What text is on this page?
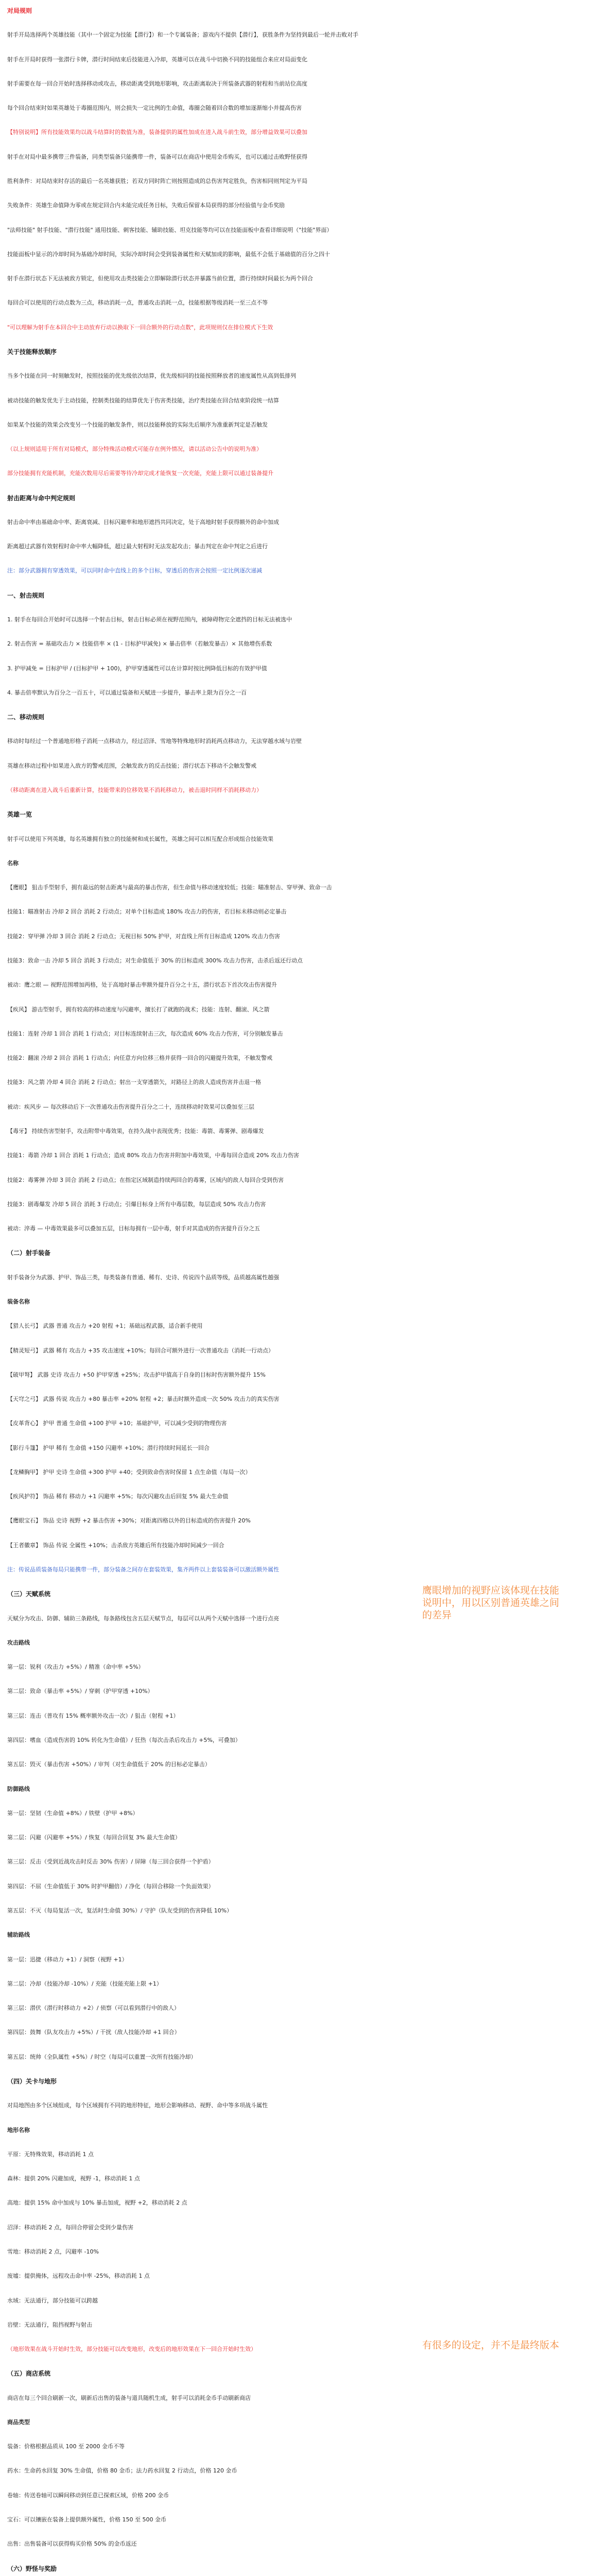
对局规则
射手开局选择两个英雄技能（其中一个固定为技能【潜行】）和一个专属装备；游戏内不提供【潜行】，获胜条件为坚持到最后一轮并击败对手
射手在开局时获得一张潜行卡牌，潜行时间结束后技能进入冷却，英雄可以在战斗中切换不同的技能组合来应对局面变化
射手需要在每一回合开始时选择移动或攻击，移动距离受到地形影响，攻击距离取决于所装备武器的射程和当前站位高度
每个回合结束时如果英雄处于毒圈范围内，则会损失一定比例的生命值，毒圈会随着回合数的增加逐渐缩小并提高伤害
【特别说明】所有技能效果均以战斗结算时的数值为准，装备提供的属性加成在进入战斗前生效，部分增益效果可以叠加
射手在对局中最多携带三件装备，同类型装备只能携带一件，装备可以在商店中使用金币购买，也可以通过击败野怪获得
胜利条件：对局结束时存活的最后一名英雄获胜；若双方同时阵亡则按照造成的总伤害判定胜负，伤害相同则判定为平局
失败条件：英雄生命值降为零或在规定回合内未能完成任务目标，失败后保留本局获得的部分经验值与金币奖励
"法师技能" 射手技能、"潜行技能" 通用技能、刺客技能、辅助技能、坦克技能等均可以在技能面板中查看详细说明（"技能"界面）
技能面板中显示的冷却时间为基础冷却时间，实际冷却时间会受到装备属性和天赋加成的影响，最低不会低于基础值的百分之四十
射手在潜行状态下无法被敌方锁定，但使用攻击类技能会立即解除潜行状态并暴露当前位置，潜行持续时间最长为两个回合
每回合可以使用的行动点数为三点，移动消耗一点，普通攻击消耗一点，技能根据等级消耗一至三点不等
"可以理解为射手在本回合中主动放弃行动以换取下一回合额外的行动点数"，此项规则仅在排位模式下生效
关于技能释放顺序
当多个技能在同一时刻触发时，按照技能的优先级依次结算，优先级相同的技能按照释放者的速度属性从高到低排列
被动技能的触发优先于主动技能，控制类技能的结算优先于伤害类技能，治疗类技能在回合结束阶段统一结算
如果某个技能的效果会改变另一个技能的触发条件，则以技能释放的实际先后顺序为准重新判定是否触发
（以上规则适用于所有对局模式，部分特殊活动模式可能存在例外情况，请以活动公告中的说明为准）
部分技能拥有充能机制，充能次数用尽后需要等待冷却完成才能恢复一次充能，充能上限可以通过装备提升
射击距离与命中判定规则
射击命中率由基础命中率、距离衰减、目标闪避率和地形遮挡共同决定，处于高地时射手获得额外的命中加成
距离超过武器有效射程时命中率大幅降低，超过最大射程时无法发起攻击；暴击判定在命中判定之后进行
注：部分武器拥有穿透效果，可以同时命中直线上的多个目标，穿透后的伤害会按照一定比例逐次递减
一、射击规则
1. 射手在每回合开始时可以选择一个射击目标，射击目标必须在视野范围内，被障碍物完全遮挡的目标无法被选中
2. 射击伤害 = 基础攻击力 × 技能倍率 × (1 - 目标护甲减免) × 暴击倍率（若触发暴击）× 其他增伤系数
3. 护甲减免 = 目标护甲 / (目标护甲 + 100)，护甲穿透属性可以在计算时按比例降低目标的有效护甲值
4. 暴击倍率默认为百分之一百五十，可以通过装备和天赋进一步提升，暴击率上限为百分之一百
二、移动规则
移动时每经过一个普通地形格子消耗一点移动力，经过沼泽、雪地等特殊地形时消耗两点移动力，无法穿越水域与岩壁
英雄在移动过程中如果进入敌方的警戒范围，会触发敌方的反击技能；潜行状态下移动不会触发警戒
（移动距离在进入战斗后重新计算，技能带来的位移效果不消耗移动力，被击退时同样不消耗移动力）
英雄一览
射手可以使用下列英雄，每名英雄拥有独立的技能树和成长属性，英雄之间可以相互配合形成组合技能效果
名称
【鹰眼】 狙击手型射手，拥有最远的射击距离与最高的暴击伤害，但生命值与移动速度较低；技能：瞄准射击、穿甲弹、致命一击
技能1：瞄准射击 冷却 2 回合 消耗 2 行动点；对单个目标造成 180% 攻击力的伤害，若目标未移动则必定暴击
技能2：穿甲弹 冷却 3 回合 消耗 2 行动点；无视目标 50% 护甲，对直线上所有目标造成 120% 攻击力伤害
技能3：致命一击 冷却 5 回合 消耗 3 行动点；对生命值低于 30% 的目标造成 300% 攻击力伤害，击杀后返还行动点
被动：鹰之眼 — 视野范围增加两格，处于高地时暴击率额外提升百分之十五，潜行状态下首次攻击伤害提升
【疾风】 游击型射手，拥有较高的移动速度与闪避率，擅长打了就跑的战术；技能：连射、翻滚、风之箭
技能1：连射 冷却 1 回合 消耗 1 行动点；对目标连续射击三次，每次造成 60% 攻击力伤害，可分别触发暴击
技能2：翻滚 冷却 2 回合 消耗 1 行动点；向任意方向位移三格并获得一回合的闪避提升效果，不触发警戒
技能3：风之箭 冷却 4 回合 消耗 2 行动点；射出一支穿透箭矢，对路径上的敌人造成伤害并击退一格
被动：疾风步 — 每次移动后下一次普通攻击伤害提升百分之二十，连续移动时效果可以叠加至三层
【毒牙】 持续伤害型射手，攻击附带中毒效果，在持久战中表现优秀；技能：毒箭、毒雾弹、剧毒爆发
技能1：毒箭 冷却 1 回合 消耗 1 行动点；造成 80% 攻击力伤害并附加中毒效果，中毒每回合造成 20% 攻击力伤害
技能2：毒雾弹 冷却 3 回合 消耗 2 行动点；在指定区域制造持续两回合的毒雾，区域内的敌人每回合受到伤害
技能3：剧毒爆发 冷却 5 回合 消耗 3 行动点；引爆目标身上所有中毒层数，每层造成 50% 攻击力伤害
被动：淬毒 — 中毒效果最多可以叠加五层，目标每拥有一层中毒，射手对其造成的伤害提升百分之五
（二）射手装备
射手装备分为武器、护甲、饰品三类，每类装备有普通、稀有、史诗、传说四个品质等级，品质越高属性越强
装备名称
【猎人长弓】 武器 普通 攻击力 +20 射程 +1；基础远程武器，适合新手使用
【精灵短弓】 武器 稀有 攻击力 +35 攻击速度 +10%；每回合可额外进行一次普通攻击（消耗一行动点）
【破甲弩】 武器 史诗 攻击力 +50 护甲穿透 +25%；攻击护甲值高于自身的目标时伤害额外提升 15%
【天穹之弓】 武器 传说 攻击力 +80 暴击率 +20% 射程 +2；暴击时额外造成一次 50% 攻击力的真实伤害
【皮革背心】 护甲 普通 生命值 +100 护甲 +10；基础护甲，可以减少受到的物理伤害
【影行斗篷】 护甲 稀有 生命值 +150 闪避率 +10%；潜行持续时间延长一回合
【龙鳞胸甲】 护甲 史诗 生命值 +300 护甲 +40；受到致命伤害时保留 1 点生命值（每局一次）
【疾风护符】 饰品 稀有 移动力 +1 闪避率 +5%；每次闪避攻击后回复 5% 最大生命值
【鹰眼宝石】 饰品 史诗 视野 +2 暴击伤害 +30%；对距离四格以外的目标造成的伤害提升 20%
【王者徽章】 饰品 传说 全属性 +10%；击杀敌方英雄后所有技能冷却时间减少一回合
注：传说品质装备每局只能携带一件，部分装备之间存在套装效果，集齐两件以上套装装备可以激活额外属性
（三）天赋系统
天赋分为攻击、防御、辅助三条路线，每条路线包含五层天赋节点，每层可以从两个天赋中选择一个进行点亮
攻击路线
第一层：锐利（攻击力 +5%）/ 精准（命中率 +5%）
第二层：致命（暴击率 +5%）/ 穿刺（护甲穿透 +10%）
第三层：连击（普攻有 15% 概率额外攻击一次）/ 狙击（射程 +1）
第四层：嗜血（造成伤害的 10% 转化为生命值）/ 狂热（每次击杀后攻击力 +5%，可叠加）
第五层：毁灭（暴击伤害 +50%）/ 审判（对生命值低于 20% 的目标必定暴击）
防御路线
第一层：坚韧（生命值 +8%）/ 铁壁（护甲 +8%）
第二层：闪避（闪避率 +5%）/ 恢复（每回合回复 3% 最大生命值）
第三层：反击（受到近战攻击时反击 30% 伤害）/ 屏障（每三回合获得一个护盾）
第四层：不屈（生命值低于 30% 时护甲翻倍）/ 净化（每回合移除一个负面效果）
第五层：不灭（每局复活一次，复活时生命值 30%）/ 守护（队友受到的伤害降低 10%）
辅助路线
第一层：迅捷（移动力 +1）/ 洞察（视野 +1）
第二层：冷却（技能冷却 -10%）/ 充能（技能充能上限 +1）
第三层：潜伏（潜行时移动力 +2）/ 侦察（可以看到潜行中的敌人）
第四层：鼓舞（队友攻击力 +5%）/ 干扰（敌人技能冷却 +1 回合）
第五层：统帅（全队属性 +5%）/ 时空（每局可以重置一次所有技能冷却）
（四）关卡与地形
对局地图由多个区域组成，每个区域拥有不同的地形特征，地形会影响移动、视野、命中等多项战斗属性
地形名称
平原：无特殊效果，移动消耗 1 点
森林：提供 20% 闪避加成，视野 -1，移动消耗 1 点
高地：提供 15% 命中加成与 10% 暴击加成，视野 +2，移动消耗 2 点
沼泽：移动消耗 2 点，每回合停留会受到少量伤害
雪地：移动消耗 2 点，闪避率 -10%
废墟：提供掩体，远程攻击命中率 -25%，移动消耗 1 点
水域：无法通行，部分技能可以跨越
岩壁：无法通行，阻挡视野与射击
（地形效果在战斗开始时生效，部分技能可以改变地形，改变后的地形效果在下一回合开始时生效）
（五）商店系统
商店在每三个回合刷新一次，刷新后出售的装备与道具随机生成，射手可以消耗金币手动刷新商店
商品类型
装备：价格根据品质从 100 至 2000 金币不等
药水：生命药水回复 30% 生命值，价格 80 金币；法力药水回复 2 行动点，价格 120 金币
卷轴：传送卷轴可以瞬间移动到任意已探索区域，价格 200 金币
宝石：可以镶嵌在装备上提供额外属性，价格 150 至 500 金币
出售：出售装备可以获得购买价格 50% 的金币返还
（六）野怪与奖励
鹰眼增加的视野应该体现在技能说明中，用以区别普通英雄之间的差异
有很多的设定，并不是最终版本
